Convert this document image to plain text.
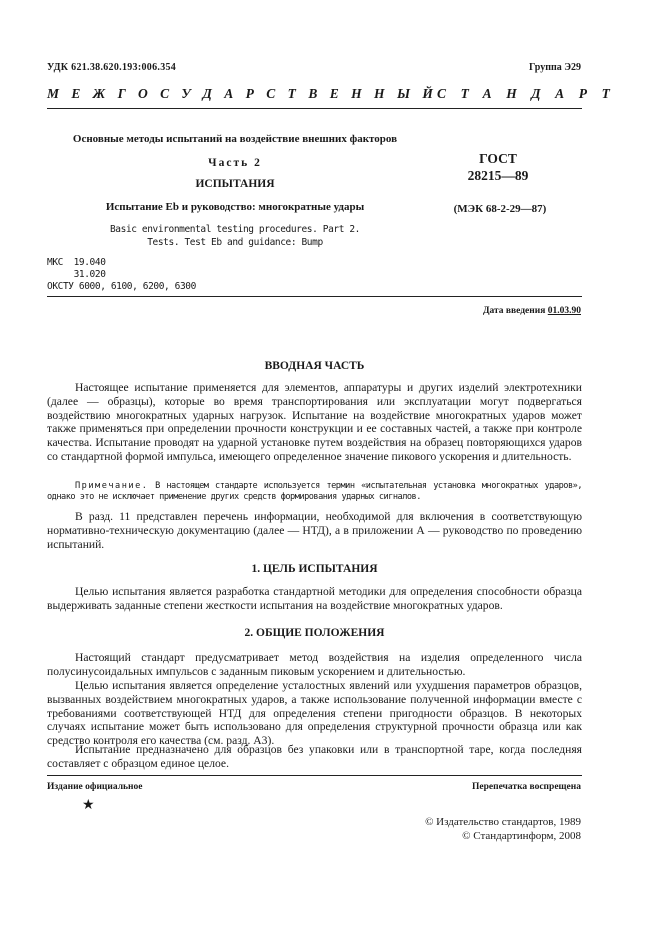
УДК 621.38.620.193:006.354	Группа Э29
МЕЖГОСУДАРСТВЕННЫЙ
СТАНДАРТ
Основные методы испытаний на воздействие внешних факторов
Часть 2
ИСПЫТАНИЯ
Испытание Eb и руководство: многократные удары
Basic environmental testing procedures. Part 2.
Tests. Test Eb and guidance: Bump
ГОСТ
28215—89
(МЭК 68-2-29—87)
МКС  19.040
31.020
ОКСТУ 6000, 6100, 6200, 6300
Дата введения 01.03.90
ВВОДНАЯ ЧАСТЬ
Настоящее испытание применяется для элементов, аппаратуры и других изделий электротехники (далее — образцы), которые во время транспортирования или эксплуатации могут подвергаться воздействию многократных ударных нагрузок. Испытание на воздействие многократных ударов может также применяться при определении прочности конструкции и ее составных частей, а также при контроле качества. Испытание проводят на ударной установке путем воздействия на образец повторяющихся ударов со стандартной формой импульса, имеющего определенное значение пикового ускорения и длительность.
Примечание. В настоящем стандарте используется термин «испытательная установка многократных ударов», однако это не исключает применение других средств формирования ударных сигналов.
В разд. 11 представлен перечень информации, необходимой для включения в соответствующую нормативно-техническую документацию (далее — НТД), а в приложении А — руководство по проведению испытаний.
1. ЦЕЛЬ ИСПЫТАНИЯ
Целью испытания является разработка стандартной методики для определения способности образца выдерживать заданные степени жесткости испытания на воздействие многократных ударов.
2. ОБЩИЕ ПОЛОЖЕНИЯ
Настоящий стандарт предусматривает метод воздействия на изделия определенного числа полусинусоидальных импульсов с заданным пиковым ускорением и длительностью.
Целью испытания является определение усталостных явлений или ухудшения параметров образцов, вызванных воздействием многократных ударов, а также использование полученной информации вместе с требованиями соответствующей НТД для определения степени пригодности образцов. В некоторых случаях испытание может быть использовано для определения структурной прочности образца или как средство контроля его качества (см. разд. А3).
Испытание предназначено для образцов без упаковки или в транспортной таре, когда последняя составляет с образцом единое целое.
Издание официальное	Перепечатка воспрещена
★
© Издательство стандартов, 1989
© Стандартинформ, 2008
